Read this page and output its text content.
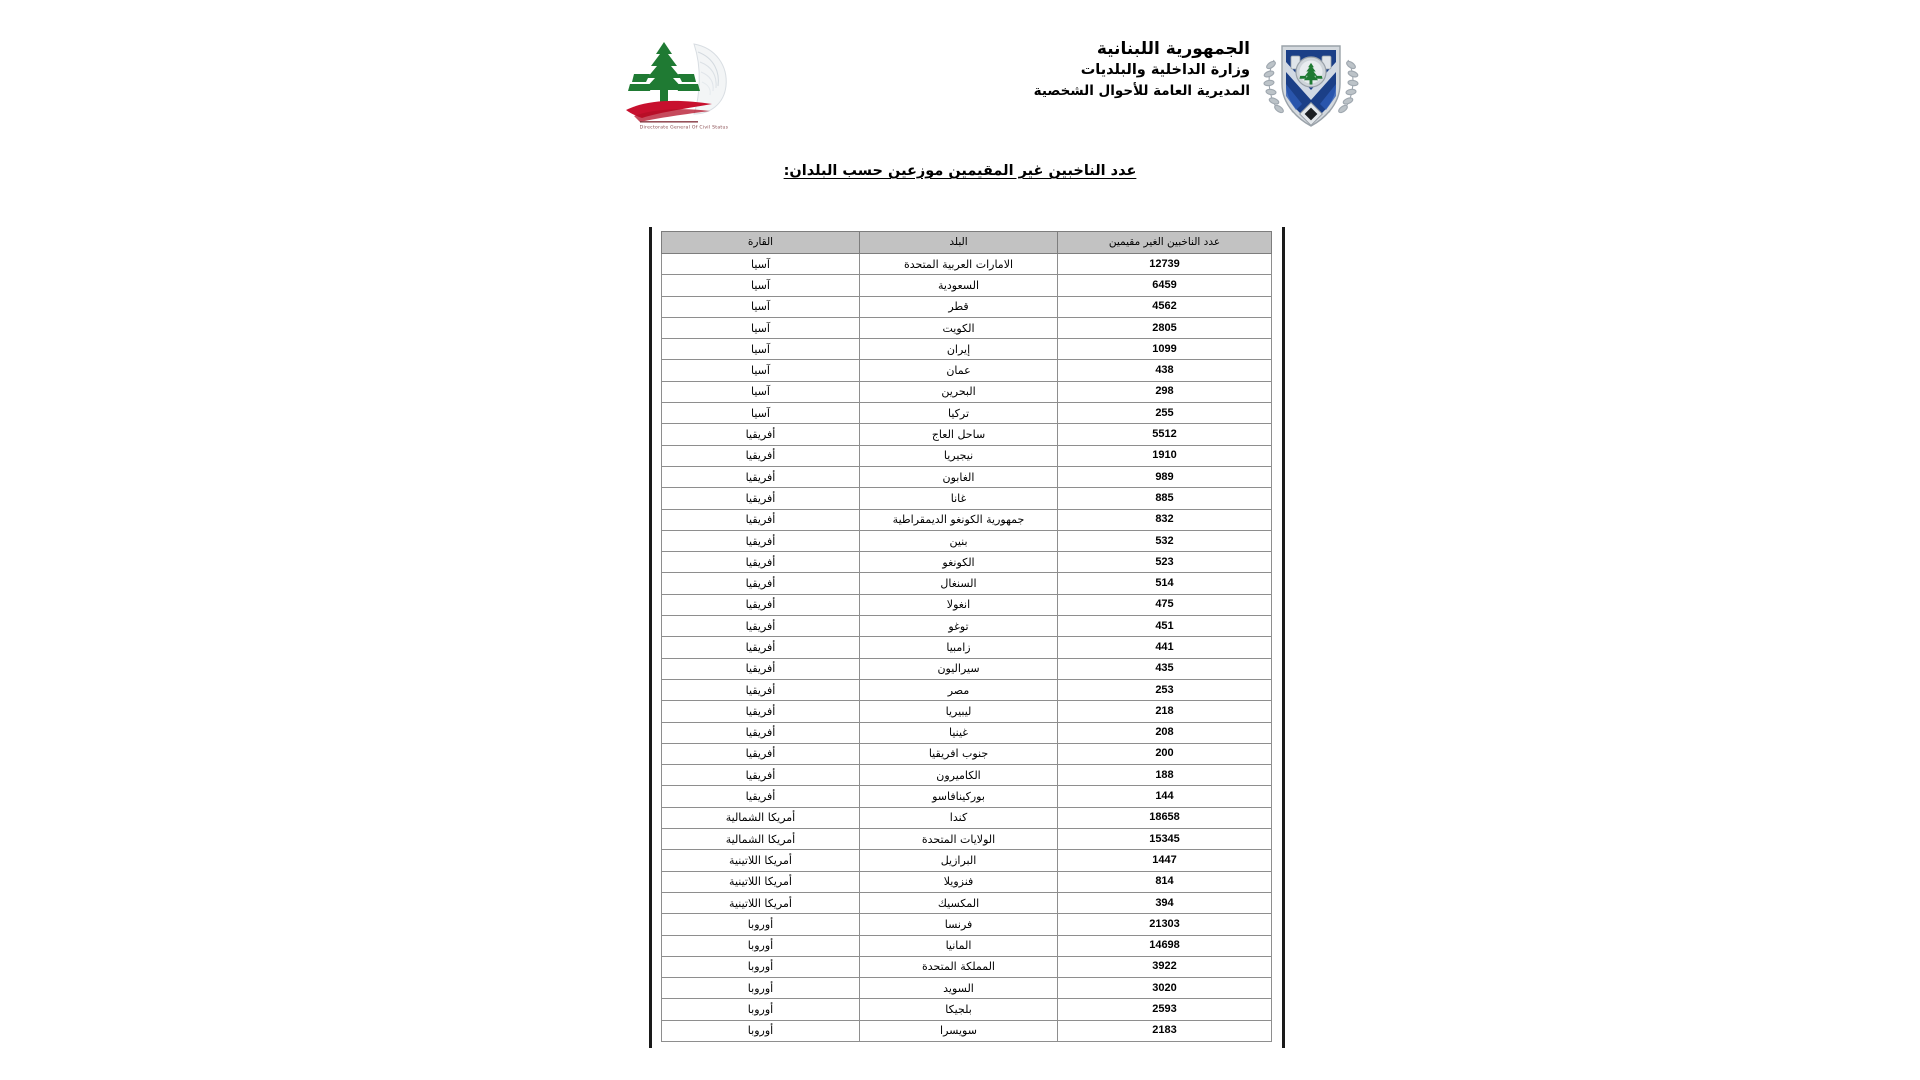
Directorate General Of Civil Status
الجمهورية اللبنانية
وزارة الداخلية والبلديات
المديرية العامة للأحوال الشخصية
عدد الناخبين غير المقيمين موزعين حسب البلدان:
عدد الناخبين الغير مقيمين	البلد	القارة
12739	الامارات العربية المتحدة	آسيا
6459	السعودية	آسيا
4562	قطر	آسيا
2805	الكويت	آسيا
1099	إيران	آسيا
438	عمان	آسيا
298	البحرين	آسيا
255	تركيا	آسيا
5512	ساحل العاج	أفريقيا
1910	نيجيريا	أفريقيا
989	الغابون	أفريقيا
885	غانا	أفريقيا
832	جمهورية الكونغو الديمقراطية	أفريقيا
532	بنين	أفريقيا
523	الكونغو	أفريقيا
514	السنغال	أفريقيا
475	انغولا	أفريقيا
451	توغو	أفريقيا
441	زامبيا	أفريقيا
435	سيراليون	أفريقيا
253	مصر	أفريقيا
218	ليبيريا	أفريقيا
208	غينيا	أفريقيا
200	جنوب افريقيا	أفريقيا
188	الكاميرون	أفريقيا
144	بوركينافاسو	أفريقيا
18658	كندا	أمريكا الشمالية
15345	الولايات المتحدة	أمريكا الشمالية
1447	البرازيل	أمريكا اللاتينية
814	فنزويلا	أمريكا اللاتينية
394	المكسيك	أمريكا اللاتينية
21303	فرنسا	أوروبا
14698	المانيا	أوروبا
3922	المملكة المتحدة	أوروبا
3020	السويد	أوروبا
2593	بلجيكا	أوروبا
2183	سويسرا	أوروبا
